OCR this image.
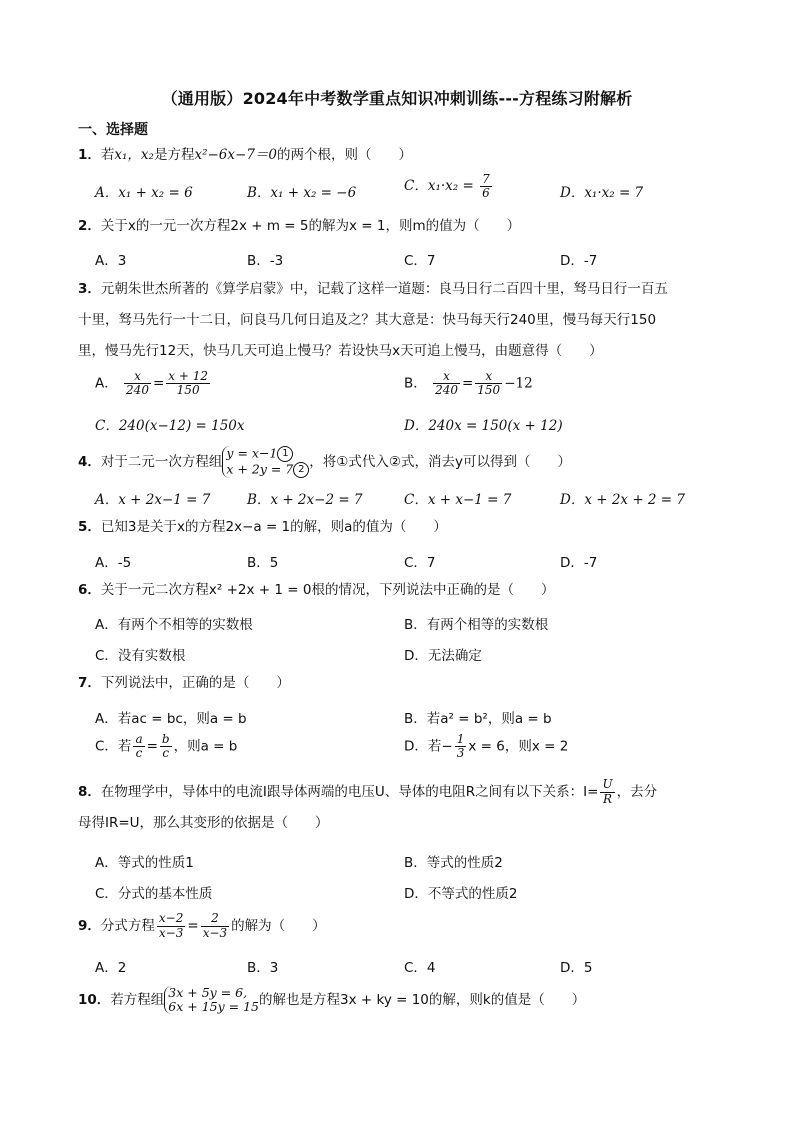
（通用版）2024年中考数学重点知识冲刺训练---方程练习附解析
一、选择题
1．若x₁，x₂是方程x²−6x−7＝0的两个根，则（　　）
A．x₁ + x₂ = 6	B．x₁ + x₂ = −6	C．$x_1\cdot x_2 = \frac{7}{6}$	D．x₁·x₂ = 7
2．关于x的一元一次方程2x + m = 5的解为x = 1，则m的值为（　　）
A．3	B．-3	C．7	D．-7
3．元朝朱世杰所著的《算学启蒙》中，记载了这样一道题：良马日行二百四十里，驽马日行一百五
十里，驽马先行一十二日，问良马几何日追及之？其大意是：快马每天行240里，慢马每天行150
里，慢马先行12天，快马几天可追上慢马？若设快马x天可追上慢马，由题意得（　　）
A． $\frac{x}{240} = \frac{x + 12}{150}$	B． $\frac{x}{240} = \frac{x}{150} -12$
C．240(x−12) = 150x	D．240x = 150(x + 12)
4．对于二元一次方程组y = x−1 1
x + 2y = 7 2 ，将①式代入②式，消去y可以得到（　　）
A．x + 2x−1 = 7	B．x + 2x−2 = 7	C．x + x−1 = 7	D．x + 2x + 2 = 7
5．已知3是关于x的方程2x−a = 1的解，则a的值为（　　）
A．-5	B．5	C．7	D．-7
6．关于一元二次方程x² +2x + 1 = 0根的情况，下列说法中正确的是（　　）
A．有两个不相等的实数根	B．有两个相等的实数根
C．没有实数根	D．无法确定
7．下列说法中，正确的是（　　）
A．若ac = bc，则a = b	B．若a² = b²，则a = b
C．若 $\frac{a}{c} = \frac{b}{c}$ ，则a = b	D．若− $\frac{1}{3}$ x = 6，则x = 2
8．在物理学中，导体中的电流Ⅰ跟导体两端的电压U、导体的电阻R之间有以下关系：$I= \frac{U}{R}$ ，去分
母得IR=U，那么其变形的依据是（　　）
A．等式的性质1	B．等式的性质2
C．分式的基本性质	D．不等式的性质2
9．分式方程 $\frac{x-2}{x-3} = \frac{2}{x-3}$ 的解为（　　）
A．2	B．3	C．4	D．5
10．若方程组 3x + 5y = 6,
6x + 15y = 15的解也是方程3x + ky = 10的解，则k的值是（　　）
